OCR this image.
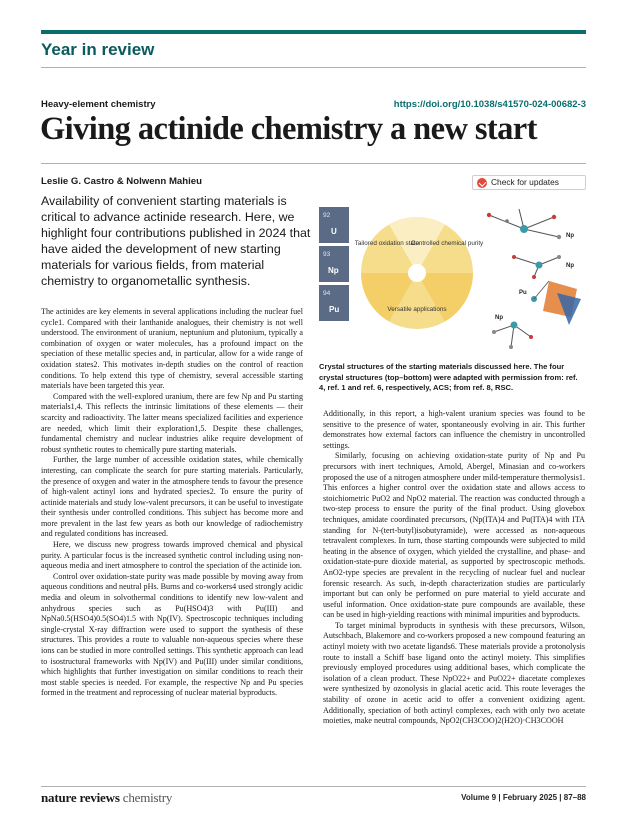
Year in review
Heavy-element chemistry	https://doi.org/10.1038/s41570-024-00682-3
Giving actinide chemistry a new start
Leslie G. Castro & Nolwenn Mahieu	Check for updates

Availability of convenient starting materials is critical to advance actinide research. Here, we highlight four contributions published in 2024 that have aided the development of new starting materials for various fields, from material chemistry to organometallic synthesis.

92
U
93
Np
94
Pu
Tailored oxidation state
Controlled chemical purity
Versatile applications
Np
Np
Pu
Np

Crystal structures of the starting materials discussed here. The four crystal structures (top–bottom) were adapted with permission from: ref. 4, ref. 1 and ref. 6, respectively, ACS; from ref. 8, RSC.

The actinides are key elements in several applications including the nuclear fuel cycle1. Compared with their lanthanide analogues, their chemistry is not well understood. The environment of uranium, neptunium and plutonium, typically a combination of oxygen or water molecules, has a profound impact on the speciation of these metallic species and, in particular, allow for a wide range of oxidation states2. This motivates in-depth studies on the control of reaction conditions. To help extend this type of chemistry, several accessible starting materials have been targeted this year.

Compared with the well-explored uranium, there are few Np and Pu starting materials1,4. This reflects the intrinsic limitations of these elements — their scarcity and radioactivity. The latter means specialized facilities and experience are needed, which limit their exploration1,5. Despite these challenges, fundamental chemistry and nuclear industries alike require development of robust synthetic routes to chemically pure starting materials.

Further, the large number of accessible oxidation states, while chemically interesting, can complicate the search for pure starting materials. Particularly, the presence of oxygen and water in the atmosphere tends to favour the presence of high-valent actinyl ions and hydrated species2. To ensure the purity of actinide materials and study low-valent precursors, it can be useful to investigate their synthesis under controlled conditions. This subject has become more and more prevalent in the last few years as both our knowledge of radiochemistry and regulated conditions has increased.

Here, we discuss new progress towards improved chemical and physical purity. A particular focus is the increased synthetic control including using non-aqueous media and inert atmosphere to control the speciation of the actinide ion.

Control over oxidation-state purity was made possible by moving away from aqueous conditions and neutral pHs. Burns and co-workers4 used strongly acidic media and oleum in solvothermal conditions to identify new low-valent and anhydrous species such as Pu(HSO4)3 with Pu(III) and NpNa0.5(HSO4)0.5(SO4)1.5 with Np(IV). Spectroscopic techniques including single-crystal X-ray diffraction were used to support the synthesis of these structures. This provides a route to valuable non-aqueous species where these ions can be studied in more controlled settings. This synthetic approach can lead to isostructural frameworks with Np(IV) and Pu(III) under similar conditions, which highlights that further investigation on similar conditions to reach their most stable species is needed. For example, the respective Np and Pu species formed in the treatment and reprocessing of nuclear material byproducts.

Additionally, in this report, a high-valent uranium species was found to be sensitive to the presence of water, spontaneously evolving in air. This further demonstrates how external factors can influence the chemistry in uncontrolled settings.

Similarly, focusing on achieving oxidation-state purity of Np and Pu precursors with inert techniques, Arnold, Abergel, Minasian and co-workers proposed the use of a nitrogen atmosphere under mild-temperature thermolysis1. This enforces a higher control over the oxidation state and allows access to stoichiometric PuO2 and NpO2 material. The reaction was conducted through a two-step process to ensure the purity of the final product. Using glovebox techniques, amidate coordinated precursors, (Np(ITA)4 and Pu(ITA)4 with ITA standing for N-(tert-butyl)isobutyramide), were accessed as non-aqueous tetravalent complexes. In turn, those starting compounds were subjected to mild heating in the absence of oxygen, which yielded the crystalline, and phase- and oxidation-state-pure dioxide material, as supported by spectroscopic methods. AnO2-type species are prevalent in the recycling of nuclear fuel and nuclear forensic research. As such, in-depth characterization studies are particularly important but can only be performed on pure material to yield accurate and useful information. Once oxidation-state pure compounds are available, these can be used in high-yielding reactions with minimal impurities and byproducts.

To target minimal byproducts in synthesis with these precursors, Wilson, Autschbach, Blakemore and co-workers proposed a new compound featuring an actinyl moiety with two acetate ligands6. These materials provide a protonolysis route to install a Schiff base ligand onto the actinyl moiety. This simplifies previously employed procedures using additional bases, which complicate the isolation of a clean product. These NpO22+ and PuO22+ diacetate complexes were synthesized by ozonolysis in glacial acetic acid. This route leverages the stability of ozone in acetic acid to offer a convenient oxidizing agent. Additionally, speciation of both actinyl complexes, each with only two acetate moieties, make neutral compounds, NpO2(CH3COO)2(H2O)·CH3COOH

nature reviews chemistry	Volume 9 | February 2025 | 87–88
